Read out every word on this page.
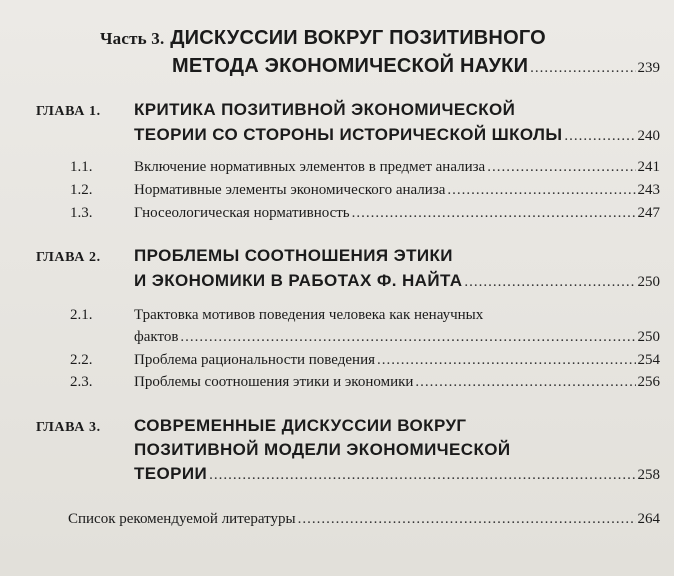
Часть 3. ДИСКУССИИ ВОКРУГ ПОЗИТИВНОГО
МЕТОДА ЭКОНОМИЧЕСКОЙ НАУКИ .....	239
ГЛАВА 1. КРИТИКА ПОЗИТИВНОЙ ЭКОНОМИЧЕСКОЙ
ТЕОРИИ СО СТОРОНЫ ИСТОРИЧЕСКОЙ ШКОЛЫ .....	240
1.1.	Включение нормативных элементов в предмет анализа .....	241
1.2.	Нормативные элементы экономического анализа .....	243
1.3.	Гносеологическая нормативность .....	247
ГЛАВА 2. ПРОБЛЕМЫ СООТНОШЕНИЯ ЭТИКИ
И ЭКОНОМИКИ В РАБОТАХ Ф. НАЙТА .....	250
2.1.	Трактовка мотивов поведения человека как ненаучных
фактов .....	250
2.2.	Проблема рациональности поведения .....	254
2.3.	Проблемы соотношения этики и экономики .....	256
ГЛАВА 3. СОВРЕМЕННЫЕ ДИСКУССИИ ВОКРУГ
ПОЗИТИВНОЙ МОДЕЛИ ЭКОНОМИЧЕСКОЙ
ТЕОРИИ .....	258
Список рекомендуемой литературы .....	264
